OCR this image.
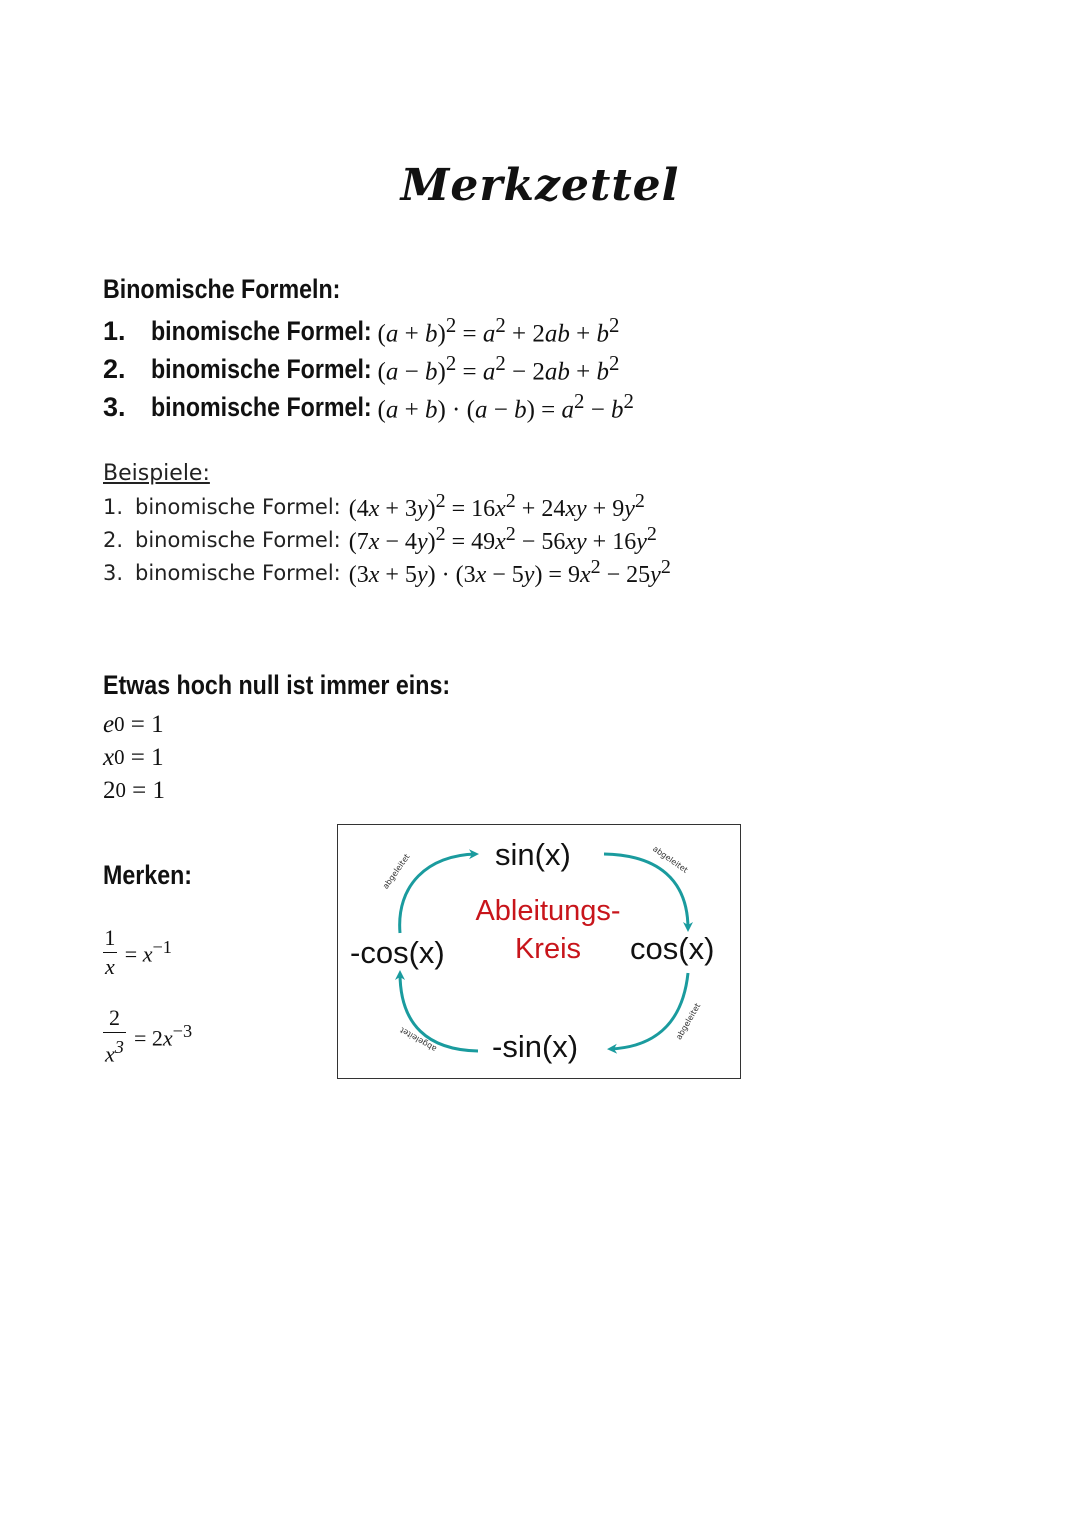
Merkzettel
Binomische Formeln:
1. binomische Formel: $(a + b)^2 = a^2 + 2ab + b^2$
2. binomische Formel: $(a - b)^2 = a^2 - 2ab + b^2$
3. binomische Formel: $(a + b) \cdot (a - b) = a^2 - b^2$
Beispiele:
1. binomische Formel: $(4x + 3y)^2 = 16x^2 + 24xy + 9y^2$
2. binomische Formel: $(7x - 4y)^2 = 49x^2 - 56xy + 16y^2$
3. binomische Formel: $(3x + 5y) \cdot (3x - 5y) = 9x^2 - 25y^2$
Etwas hoch null ist immer eins:
e 0 = 1
x 0 = 1
2 0 = 1
Merken:
$\frac{1}{x} = x^{-1}$
$\frac{2}{x^3} = 2x^{-3}$
sin(x)
cos(x)
-sin(x)
-cos(x)
Ableitungs-
Kreis
abgeleitet	abgeleitet
abgeleitet
abgeleitet
